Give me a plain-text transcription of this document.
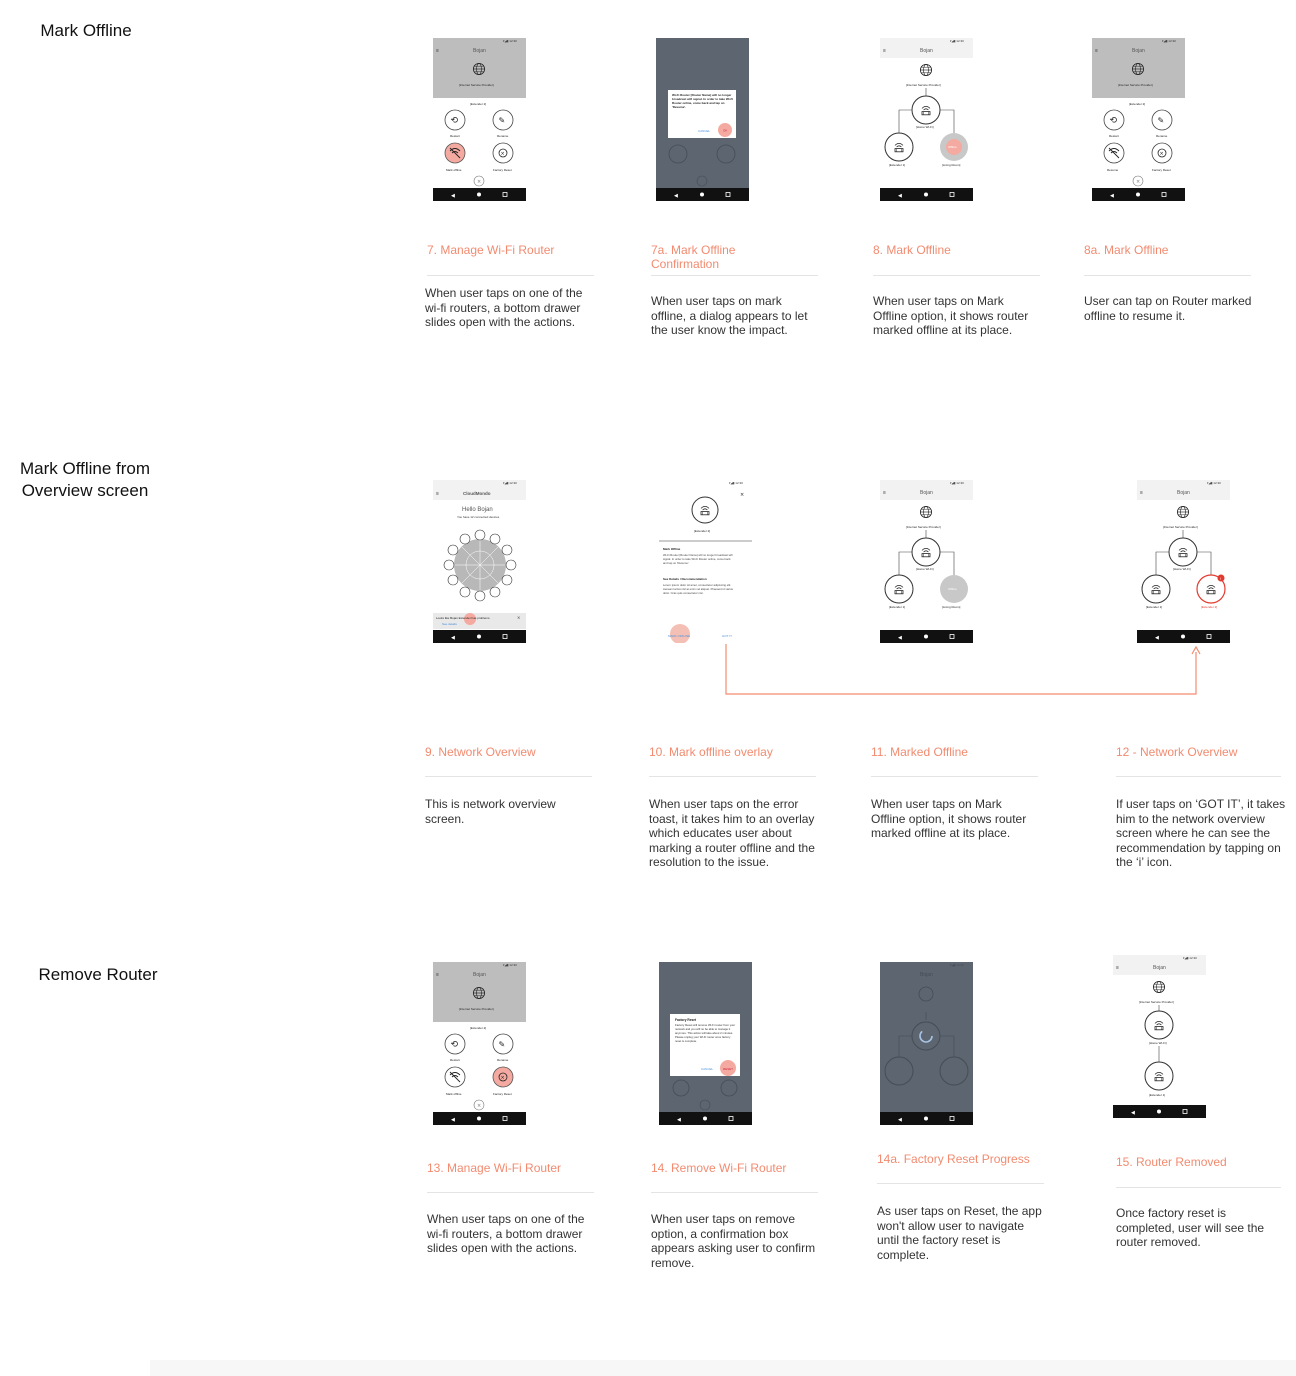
Mark Offline
Mark Offline from Overview screen
Remove Router
▾◢▮ 12:30
≡	Bojan
[Internet Service Provider]
[Extender 2]
⟲
Restart
✎
Rename
Mark offline
×
Factory Reset
×
◀
Wi-Fi Router [Router Name] will no longer broadcast wifi signal. In order to take Wi-Fi Router online, come back and tap on 'Resume'.
CANCEL	OK
◀
▾◢▮ 12:30
≡	Bojan
[Internet Service Provider]
[Home Wi-Fi]
[Extender 1]
Offline
[Living Room]
◀
▾◢▮ 12:30
≡	Bojan
[Internet Service Provider]
[Extender 2]
⟲
Restart
✎
Rename
Resume
×
Factory Reset
×
◀
▾◢▮ 12:30
≡	CloudMondo
Hello Bojan
You have 12 connected devices
Looks like Bojan Extender has problems.
See details
×
◀
▾◢▮ 12:30
×
[Extender 2]
Mark Offline
Wi-Fi Router [Router Name] will no longer broadcast wifi signal. In order to take Wi-Fi Router online, come back and tap on 'Resume'.
See Details / Recommendation
Lorem ipsum dolor sit amet, consectetur adipiscing elit. Aenean luctus nisl at enim vel aliquet. Praesent id varius dolor. Cras quis consectetur nisi.
MARK OFFLINE	GOT IT
▾◢▮ 12:30
≡	Bojan
[Internet Service Provider]
[Home Wi-Fi]
[Extender 1]
Offline
[Living Room]
◀
▾◢▮ 12:30
≡	Bojan
[Internet Service Provider]
[Home Wi-Fi]
[Extender 1]
!
[Extender 2]
◀
▾◢▮ 12:30
≡	Bojan
[Internet Service Provider]
[Extender 2]
⟲
Restart
✎
Rename
Mark offline
×
Factory Reset
×
◀
Factory Reset
Factory Reset will remove Wi-Fi router from your network and you will no be able to manage it anymore. This action will take about 2 minutes. Please unplug your Wi-Fi router once factory reset is complete.
CANCEL	RESET
◀
▾◢▮ 12:30
Bojan
◀
▾◢▮ 12:30
≡	Bojan
[Internet Service Provider]
[Home Wi-Fi]
[Extender 1]
◀
7. Manage Wi-Fi Router
When user taps on one of the wi-fi routers, a bottom drawer slides open with the actions.
7a. Mark Offline Confirmation
When user taps on mark offline, a dialog appears to let the user know the impact.
8. Mark Offline
When user taps on Mark Offline option, it shows router marked offline at its place.
8a. Mark Offline
User can tap on Router marked offline to resume it.
9. Network Overview
This is network overview screen.
10. Mark offline overlay
When user taps on the error toast, it takes him to an overlay which educates user about marking a router offline and the resolution to the issue.
11. Marked Offline
When user taps on Mark Offline option, it shows router marked offline at its place.
12 - Network Overview
If user taps on ‘GOT IT’, it takes him to the network overview screen where he can see the recommendation by tapping on the ‘i’ icon.
13. Manage Wi-Fi Router
When user taps on one of the wi-fi routers, a bottom drawer slides open with the actions.
14. Remove Wi-Fi Router
When user taps on remove option, a confirmation box appears asking user to confirm remove.
14a. Factory Reset Progress
As user taps on Reset, the app won't allow user to navigate until the factory reset is complete.
15. Router Removed
Once factory reset is completed, user will see the router removed.
